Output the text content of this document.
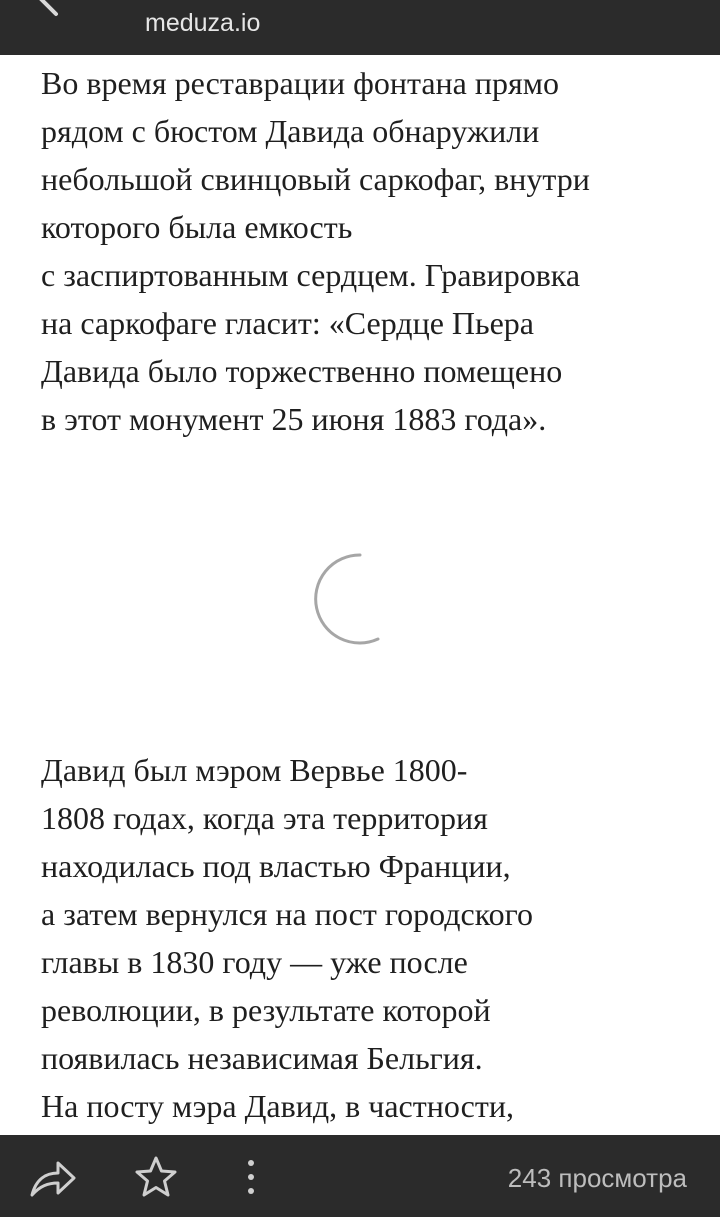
meduza.io

Во время реставрации фонтана прямо
рядом с бюстом Давида обнаружили
небольшой свинцовый саркофаг, внутри
которого была емкость
с заспиртованным сердцем. Гравировка
на саркофаге гласит: «Сердце Пьера
Давида было торжественно помещено
в этот монумент 25 июня 1883 года».

Давид был мэром Вервье 1800-
1808 годах, когда эта территория
находилась под властью Франции,
а затем вернулся на пост городского
главы в 1830 году — уже после
революции, в результате которой
появилась независимая Бельгия.
На посту мэра Давид, в частности,

243 просмотра
